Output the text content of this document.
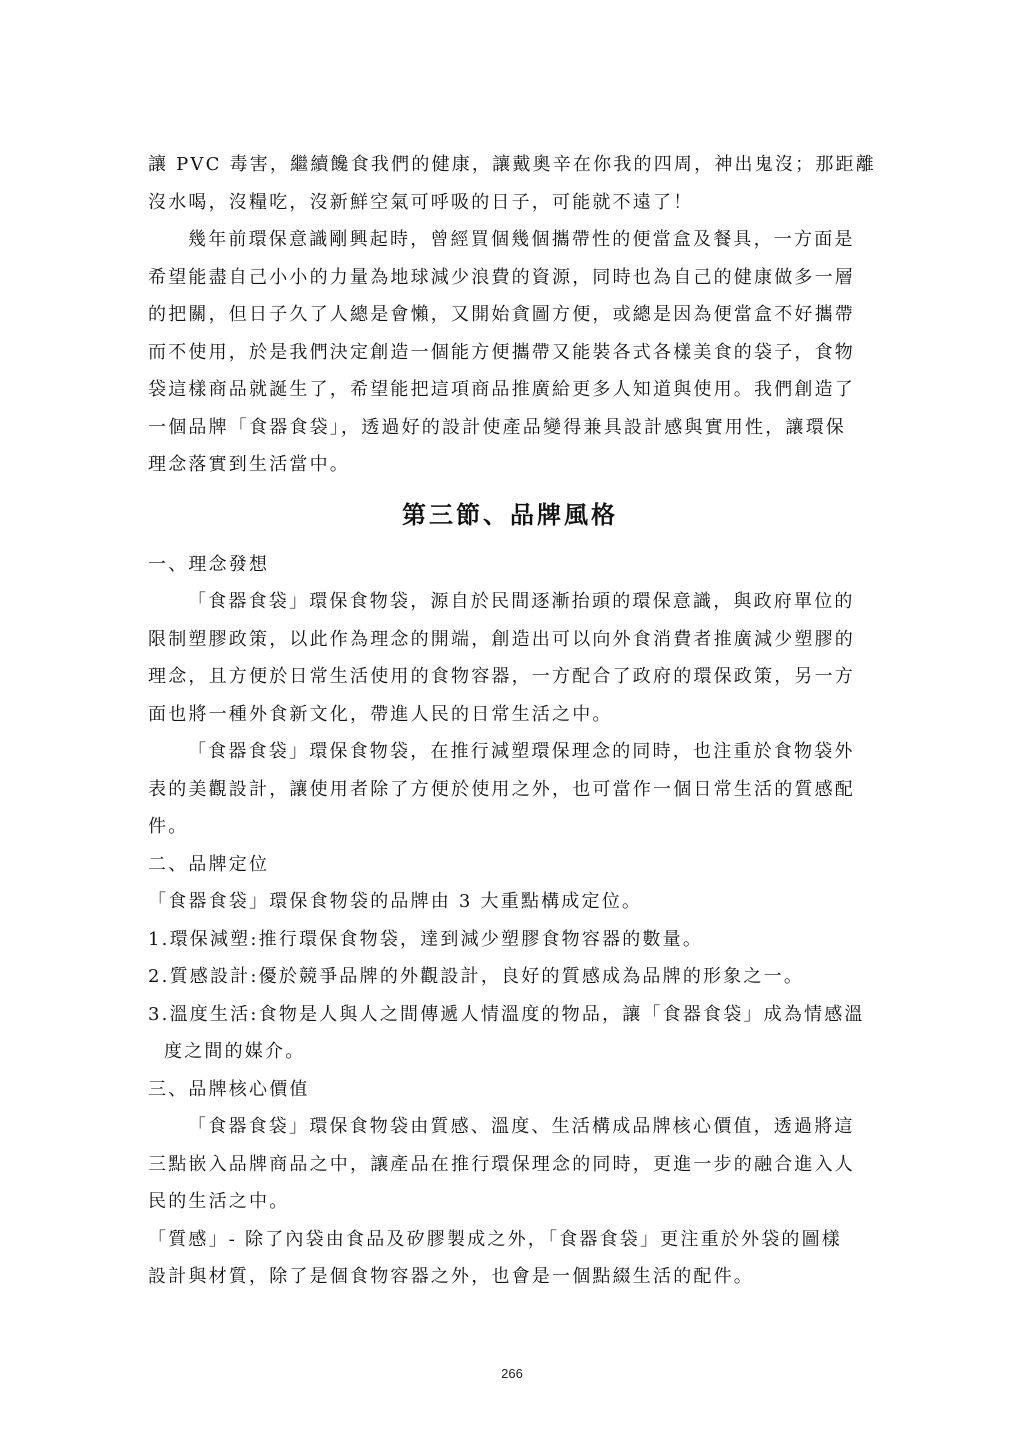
讓 PVC 毒害，繼續饞食我們的健康，讓戴奧辛在你我的四周，神出鬼沒；那距離

沒水喝，沒糧吃，沒新鮮空氣可呼吸的日子，可能就不遠了！

幾年前環保意識剛興起時，曾經買個幾個攜帶性的便當盒及餐具，一方面是

希望能盡自己小小的力量為地球減少浪費的資源，同時也為自己的健康做多一層

的把關，但日子久了人總是會懶，又開始貪圖方便，或總是因為便當盒不好攜帶

而不使用，於是我們決定創造一個能方便攜帶又能裝各式各樣美食的袋子，食物

袋這樣商品就誕生了，希望能把這項商品推廣給更多人知道與使用。我們創造了

一個品牌「食器食袋」，透過好的設計使產品變得兼具設計感與實用性，讓環保

理念落實到生活當中。

第三節、品牌風格

一、理念發想

「食器食袋」環保食物袋，源自於民間逐漸抬頭的環保意識，與政府單位的

限制塑膠政策，以此作為理念的開端，創造出可以向外食消費者推廣減少塑膠的

理念，且方便於日常生活使用的食物容器，一方配合了政府的環保政策，另一方

面也將一種外食新文化，帶進人民的日常生活之中。

「食器食袋」環保食物袋，在推行減塑環保理念的同時，也注重於食物袋外

表的美觀設計，讓使用者除了方便於使用之外，也可當作一個日常生活的質感配

件。

二、品牌定位

「食器食袋」環保食物袋的品牌由 3 大重點構成定位。

1.環保減塑:推行環保食物袋，達到減少塑膠食物容器的數量。

2.質感設計:優於競爭品牌的外觀設計，良好的質感成為品牌的形象之一。

3.溫度生活:食物是人與人之間傳遞人情溫度的物品，讓「食器食袋」成為情感溫

度之間的媒介。

三、品牌核心價值

「食器食袋」環保食物袋由質感、溫度、生活構成品牌核心價值，透過將這

三點嵌入品牌商品之中，讓產品在推行環保理念的同時，更進一步的融合進入人

民的生活之中。

「質感」- 除了內袋由食品及矽膠製成之外，「食器食袋」更注重於外袋的圖樣

設計與材質，除了是個食物容器之外，也會是一個點綴生活的配件。

266
